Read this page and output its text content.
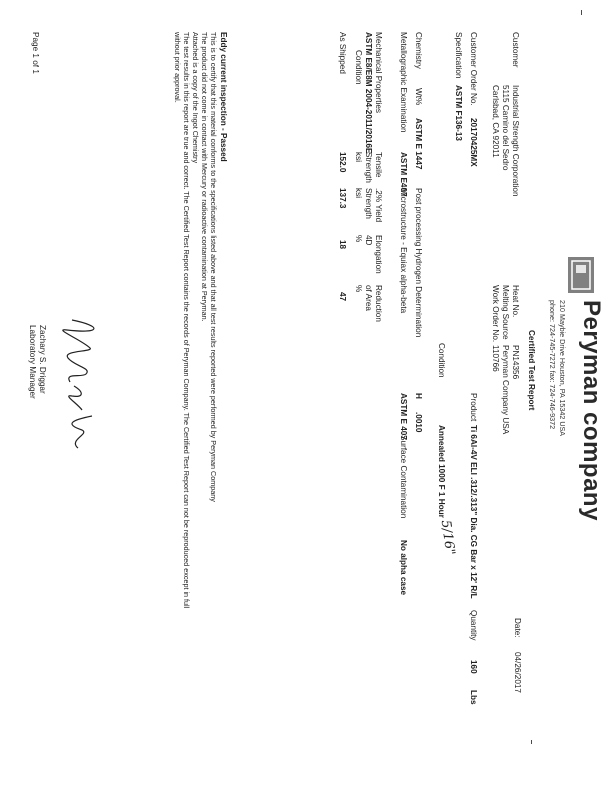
Peryman company
210 Maybie Drive Houston, PA 15342 USA
phone: 724-745-7272 fax: 724-746-9372
Certified Test Report
Date:
04/26/2017
Customer
Industrial Strength Corporation
5115 Camino del Sedro
Carlsbad, CA 92011
Heat No.
PN14356
Melting Source
Peryman Company USA
Work Order No.
110766
Customer Order No.
20170425MX
Specification
ASTM F136-13
Product
Ti 6Al-4V ELI .312/.313" Dia. CG Bar x 12' R/L
5/16"
Quantity
160
Lbs
Condition
Annealed 1000 F 1 Hour
Chemistry
Wt%
ASTM E 1447
Post processing Hydrogen Determination
H
.0010
Metallographic Examination
ASTM E407
Microstructure - Equiax alpha-beta
ASTM E 407
Surface Contamination
No alpha case
Mechanical Properties
ASTM E8/E8M 2004-2011/2016E
Condition
Tensile
Strength
ksi
.2% Yield
Strength
ksi
Elongation
4D
%
Reduction
of Area
%
As Shipped
152.0
137.3
18
47
Eddy current inspection - Passed
This is to certify that this material conforms to the specifications listed above and that all test results reported were performed by Peryman Company
The product did not come in contact with Mercury or radioactive contamination at Peryman.
Attached is a copy of the Ingot Chemistry
The test results in this report are true and correct. The Certified Test Report contains the records of Peryman Company. The Certified Test Report can not be reproduced except in full
without prior approval.
Zachary S. Driggar
Laboratory Manager
Page 1 of 1
